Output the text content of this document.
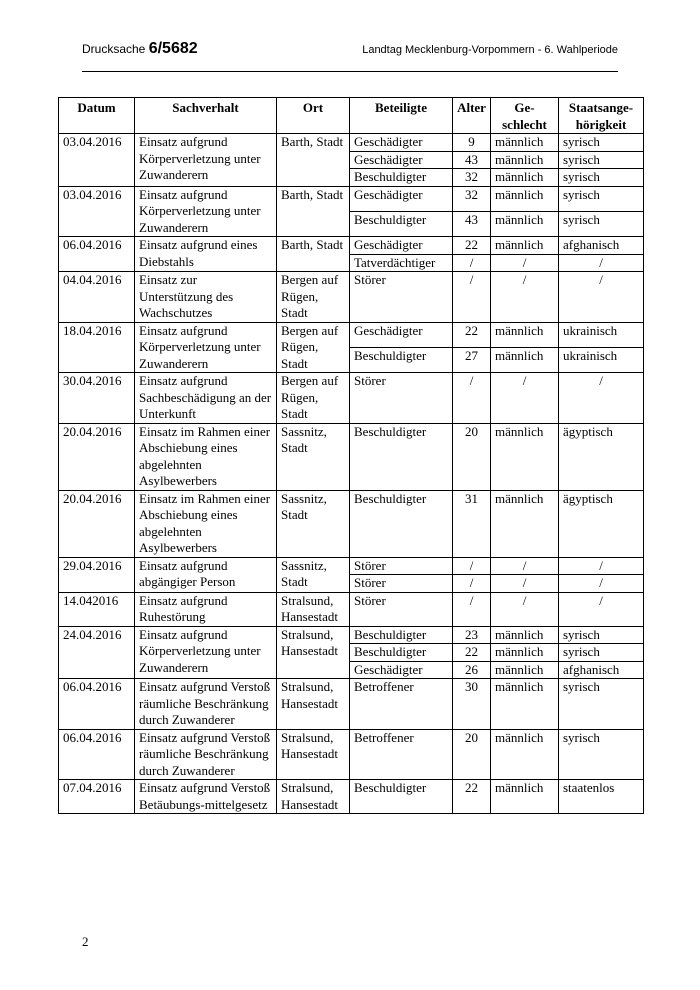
Drucksache 6/5682	Landtag Mecklenburg-Vorpommern - 6. Wahlperiode
Datum	Sachverhalt	Ort	Beteiligte	Alter	Ge-schlecht	Staatsange-hörigkeit
03.04.2016	Einsatz aufgrund Körperverletzung unter Zuwanderern	Barth, Stadt	Geschädigter	9	männlich	syrisch
			Geschädigter	43	männlich	syrisch
			Beschuldigter	32	männlich	syrisch
03.04.2016	Einsatz aufgrund Körperverletzung unter Zuwanderern	Barth, Stadt	Geschädigter	32	männlich	syrisch
			Beschuldigter	43	männlich	syrisch
06.04.2016	Einsatz aufgrund eines Diebstahls	Barth, Stadt	Geschädigter	22	männlich	afghanisch
			Tatverdächtiger	/	/	/
04.04.2016	Einsatz zur Unterstützung des Wachschutzes	Bergen auf Rügen, Stadt	Störer	/	/	/
18.04.2016	Einsatz aufgrund Körperverletzung unter Zuwanderern	Bergen auf Rügen, Stadt	Geschädigter	22	männlich	ukrainisch
			Beschuldigter	27	männlich	ukrainisch
30.04.2016	Einsatz aufgrund Sachbeschädigung an der Unterkunft	Bergen auf Rügen, Stadt	Störer	/	/	/
20.04.2016	Einsatz im Rahmen einer Abschiebung eines abgelehnten Asylbewerbers	Sassnitz, Stadt	Beschuldigter	20	männlich	ägyptisch
20.04.2016	Einsatz im Rahmen einer Abschiebung eines abgelehnten Asylbewerbers	Sassnitz, Stadt	Beschuldigter	31	männlich	ägyptisch
29.04.2016	Einsatz aufgrund abgängiger Person	Sassnitz, Stadt	Störer	/	/	/
			Störer	/	/	/
14.042016	Einsatz aufgrund Ruhestörung	Stralsund, Hansestadt	Störer	/	/	/
24.04.2016	Einsatz aufgrund Körperverletzung unter Zuwanderern	Stralsund, Hansestadt	Beschuldigter	23	männlich	syrisch
			Beschuldigter	22	männlich	syrisch
			Geschädigter	26	männlich	afghanisch
06.04.2016	Einsatz aufgrund Verstoß räumliche Beschränkung durch Zuwanderer	Stralsund, Hansestadt	Betroffener	30	männlich	syrisch
06.04.2016	Einsatz aufgrund Verstoß räumliche Beschränkung durch Zuwanderer	Stralsund, Hansestadt	Betroffener	20	männlich	syrisch
07.04.2016	Einsatz aufgrund Verstoß Betäubungs-mittelgesetz	Stralsund, Hansestadt	Beschuldigter	22	männlich	staatenlos
2
